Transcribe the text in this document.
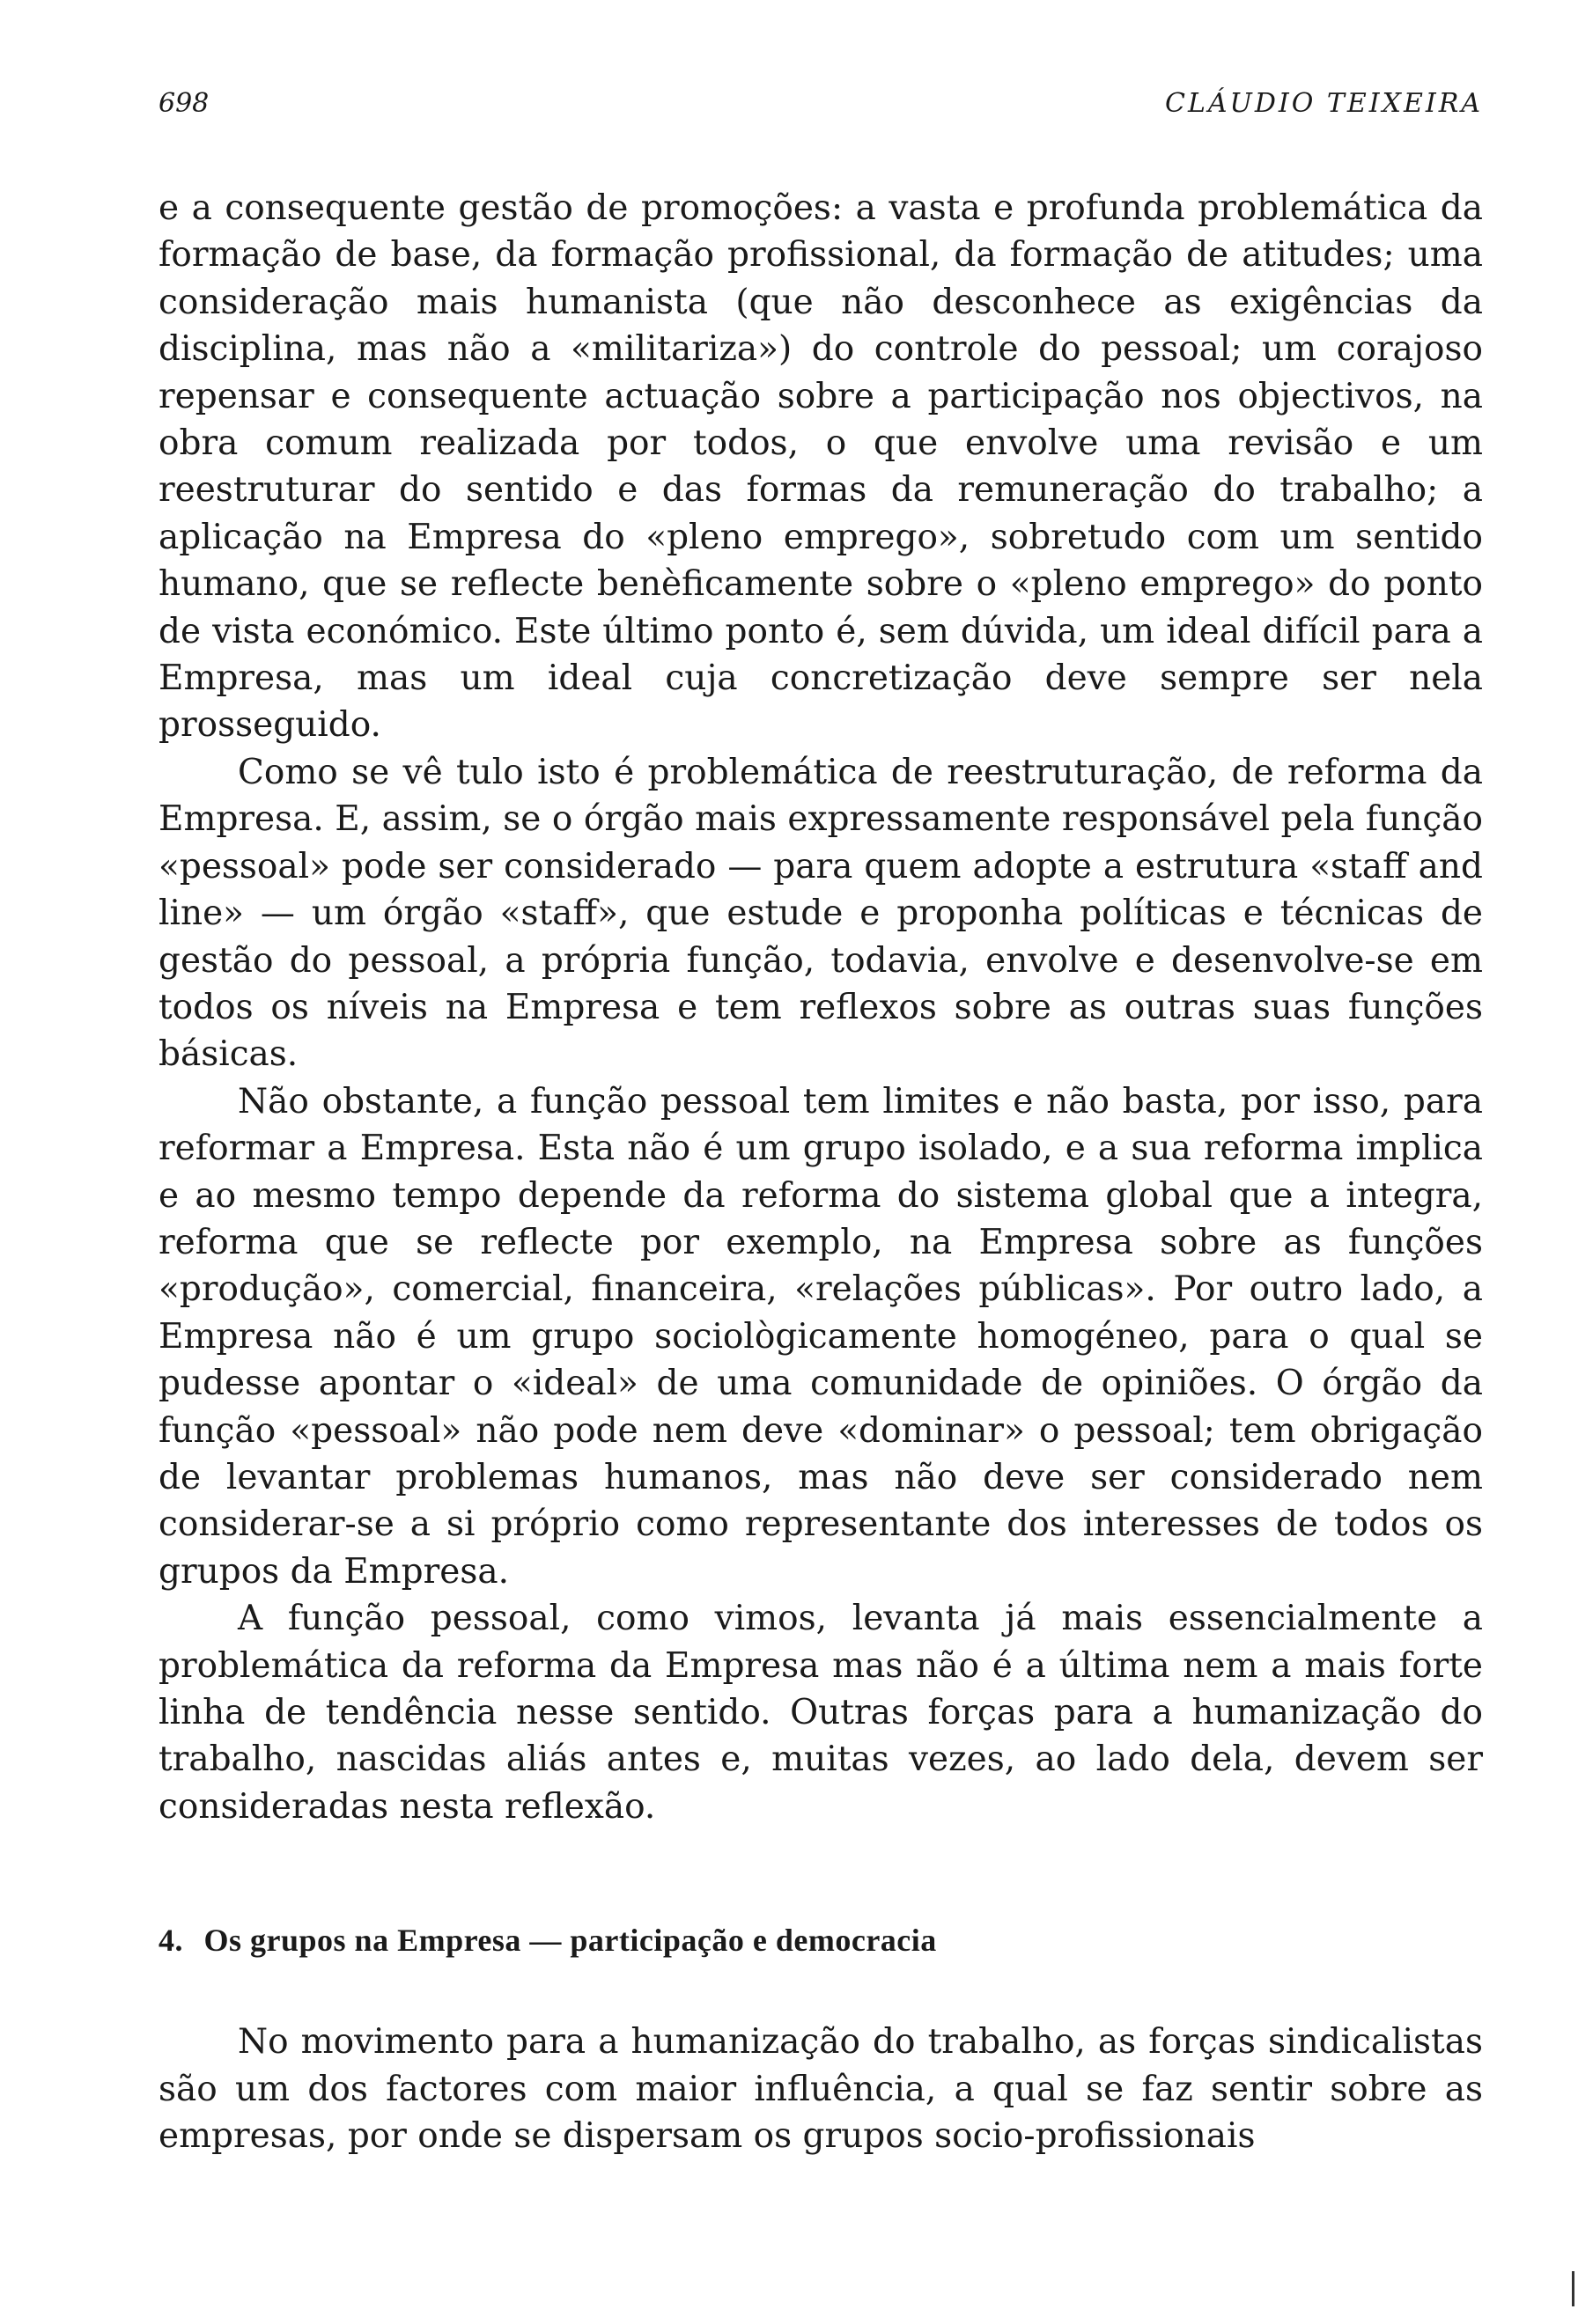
698	CLÁUDIO TEIXEIRA

e a consequente gestão de promoções: a vasta e profunda problemática da formação de base, da formação profissional, da formação de atitudes; uma consideração mais humanista (que não desconhece as exigências da disciplina, mas não a «militariza») do controle do pessoal; um corajoso repensar e consequente actuação sobre a participação nos objectivos, na obra comum realizada por todos, o que envolve uma revisão e um reestruturar do sentido e das formas da remuneração do trabalho; a aplicação na Empresa do «pleno emprego», sobretudo com um sentido humano, que se reflecte benèficamente sobre o «pleno emprego» do ponto de vista económico. Este último ponto é, sem dúvida, um ideal difícil para a Empresa, mas um ideal cuja concretização deve sempre ser nela prosseguido.

Como se vê tulo isto é problemática de reestruturação, de reforma da Empresa. E, assim, se o órgão mais expressamente responsável pela função «pessoal» pode ser considerado — para quem adopte a estrutura «staff and line» — um órgão «staff», que estude e proponha políticas e técnicas de gestão do pessoal, a própria função, todavia, envolve e desenvolve-se em todos os níveis na Empresa e tem reflexos sobre as outras suas funções básicas.

Não obstante, a função pessoal tem limites e não basta, por isso, para reformar a Empresa. Esta não é um grupo isolado, e a sua reforma implica e ao mesmo tempo depende da reforma do sistema global que a integra, reforma que se reflecte por exemplo, na Empresa sobre as funções «produção», comercial, financeira, «relações públicas». Por outro lado, a Empresa não é um grupo sociològicamente homogéneo, para o qual se pudesse apontar o «ideal» de uma comunidade de opiniões. O órgão da função «pessoal» não pode nem deve «dominar» o pessoal; tem obrigação de levantar problemas humanos, mas não deve ser considerado nem considerar-se a si próprio como representante dos interesses de todos os grupos da Empresa.

A função pessoal, como vimos, levanta já mais essencialmente a problemática da reforma da Empresa mas não é a última nem a mais forte linha de tendência nesse sentido. Outras forças para a humanização do trabalho, nascidas aliás antes e, muitas vezes, ao lado dela, devem ser consideradas nesta reflexão.

4. Os grupos na Empresa — participação e democracia

No movimento para a humanização do trabalho, as forças sindicalistas são um dos factores com maior influência, a qual se faz sentir sobre as empresas, por onde se dispersam os grupos socio-profissionais
